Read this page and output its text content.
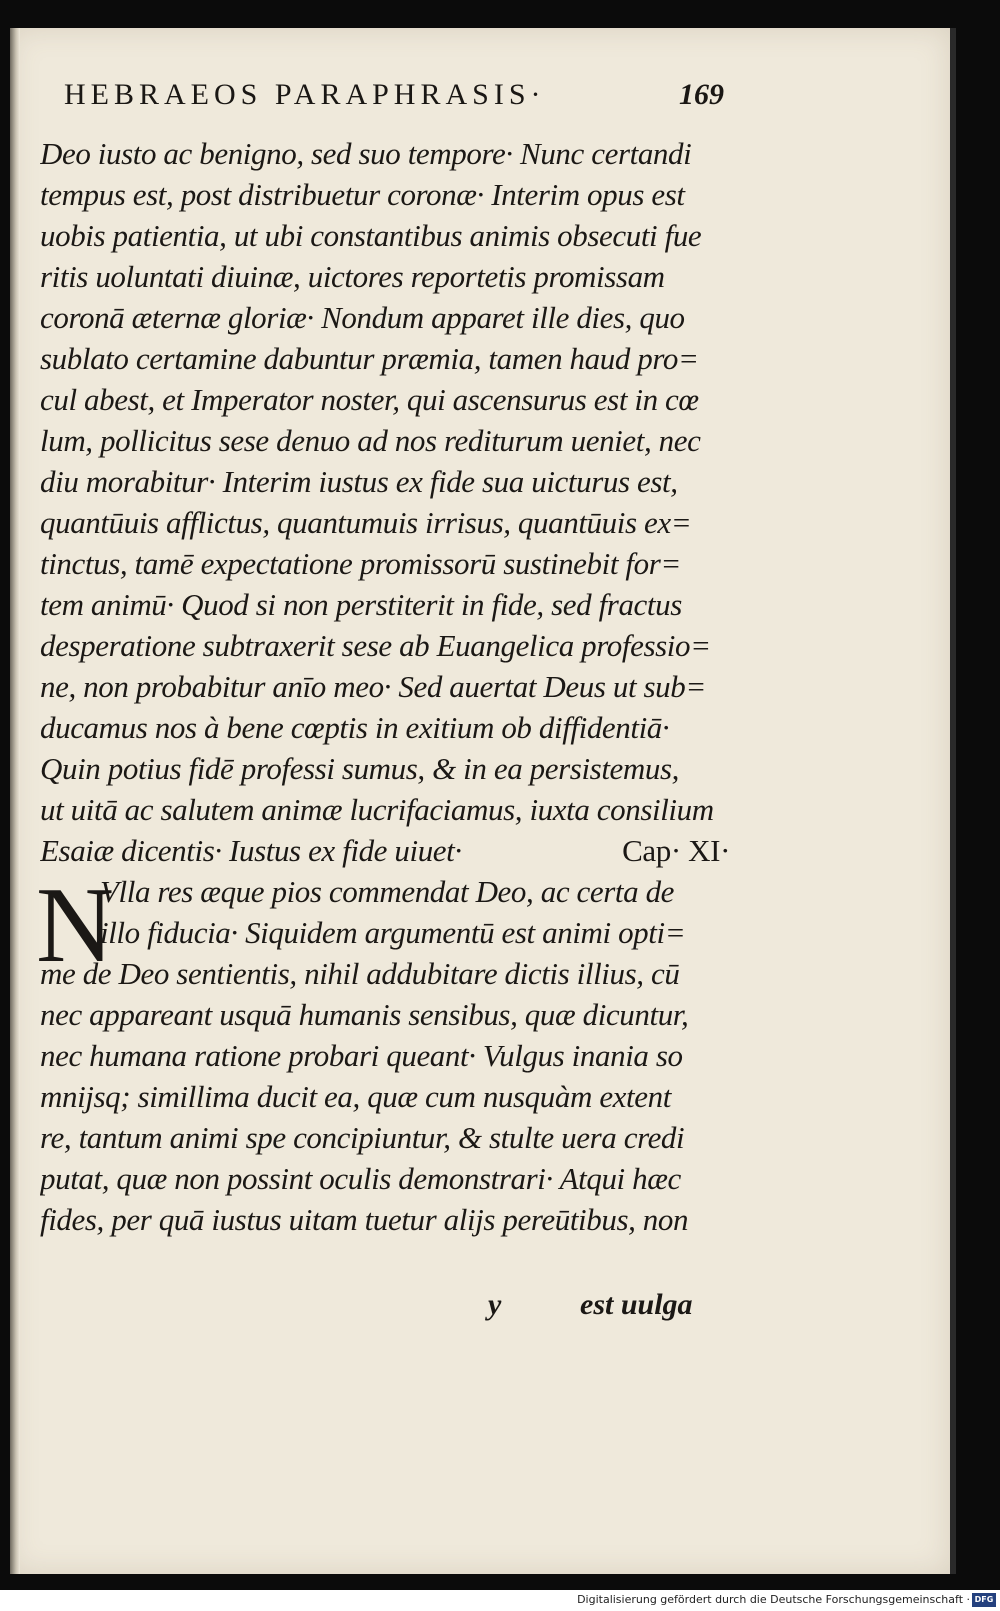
HEBRAEOS PARAPHRASIS·	169
Deo iusto ac benigno, sed suo tempore· Nunc certandi
tempus est, post distribuetur coronæ· Interim opus est
uobis patientia, ut ubi constantibus animis obsecuti fue
ritis uoluntati diuinæ, uictores reportetis promissam
coronā æternæ gloriæ· Nondum apparet ille dies, quo
sublato certamine dabuntur præmia, tamen haud pro=
cul abest, et Imperator noster, qui ascensurus est in cœ
lum, pollicitus sese denuo ad nos rediturum ueniet, nec
diu morabitur· Interim iustus ex fide sua uicturus est,
quantūuis afflictus, quantumuis irrisus, quantūuis ex=
tinctus, tamē expectatione promissorū sustinebit for=
tem animū· Quod si non perstiterit in fide, sed fractus
desperatione subtraxerit sese ab Euangelica professio=
ne, non probabitur anīo meo· Sed auertat Deus ut sub=
ducamus nos à bene cœptis in exitium ob diffidentiā·
Quin potius fidē professi sumus, & in ea persistemus,
ut uitā ac salutem animæ lucrifaciamus, iuxta consilium
Esaiæ dicentis· Iustus ex fide uiuet·	Cap· XI·
Vlla res æque pios commendat Deo, ac certa de
illo fiducia· Siquidem argumentū est animi opti=
me de Deo sentientis, nihil addubitare dictis illius, cū
nec appareant usquā humanis sensibus, quæ dicuntur,
nec humana ratione probari queant· Vulgus inania so
mnijsq; simillima ducit ea, quæ cum nusquàm extent
re, tantum animi spe concipiuntur, & stulte uera credi
putat, quæ non possint oculis demonstrari· Atqui hæc
fides, per quā iustus uitam tuetur alijs pereūtibus, non
N
y	est uulga
Digitalisierung gefördert durch die Deutsche Forschungsgemeinschaft · DFG
